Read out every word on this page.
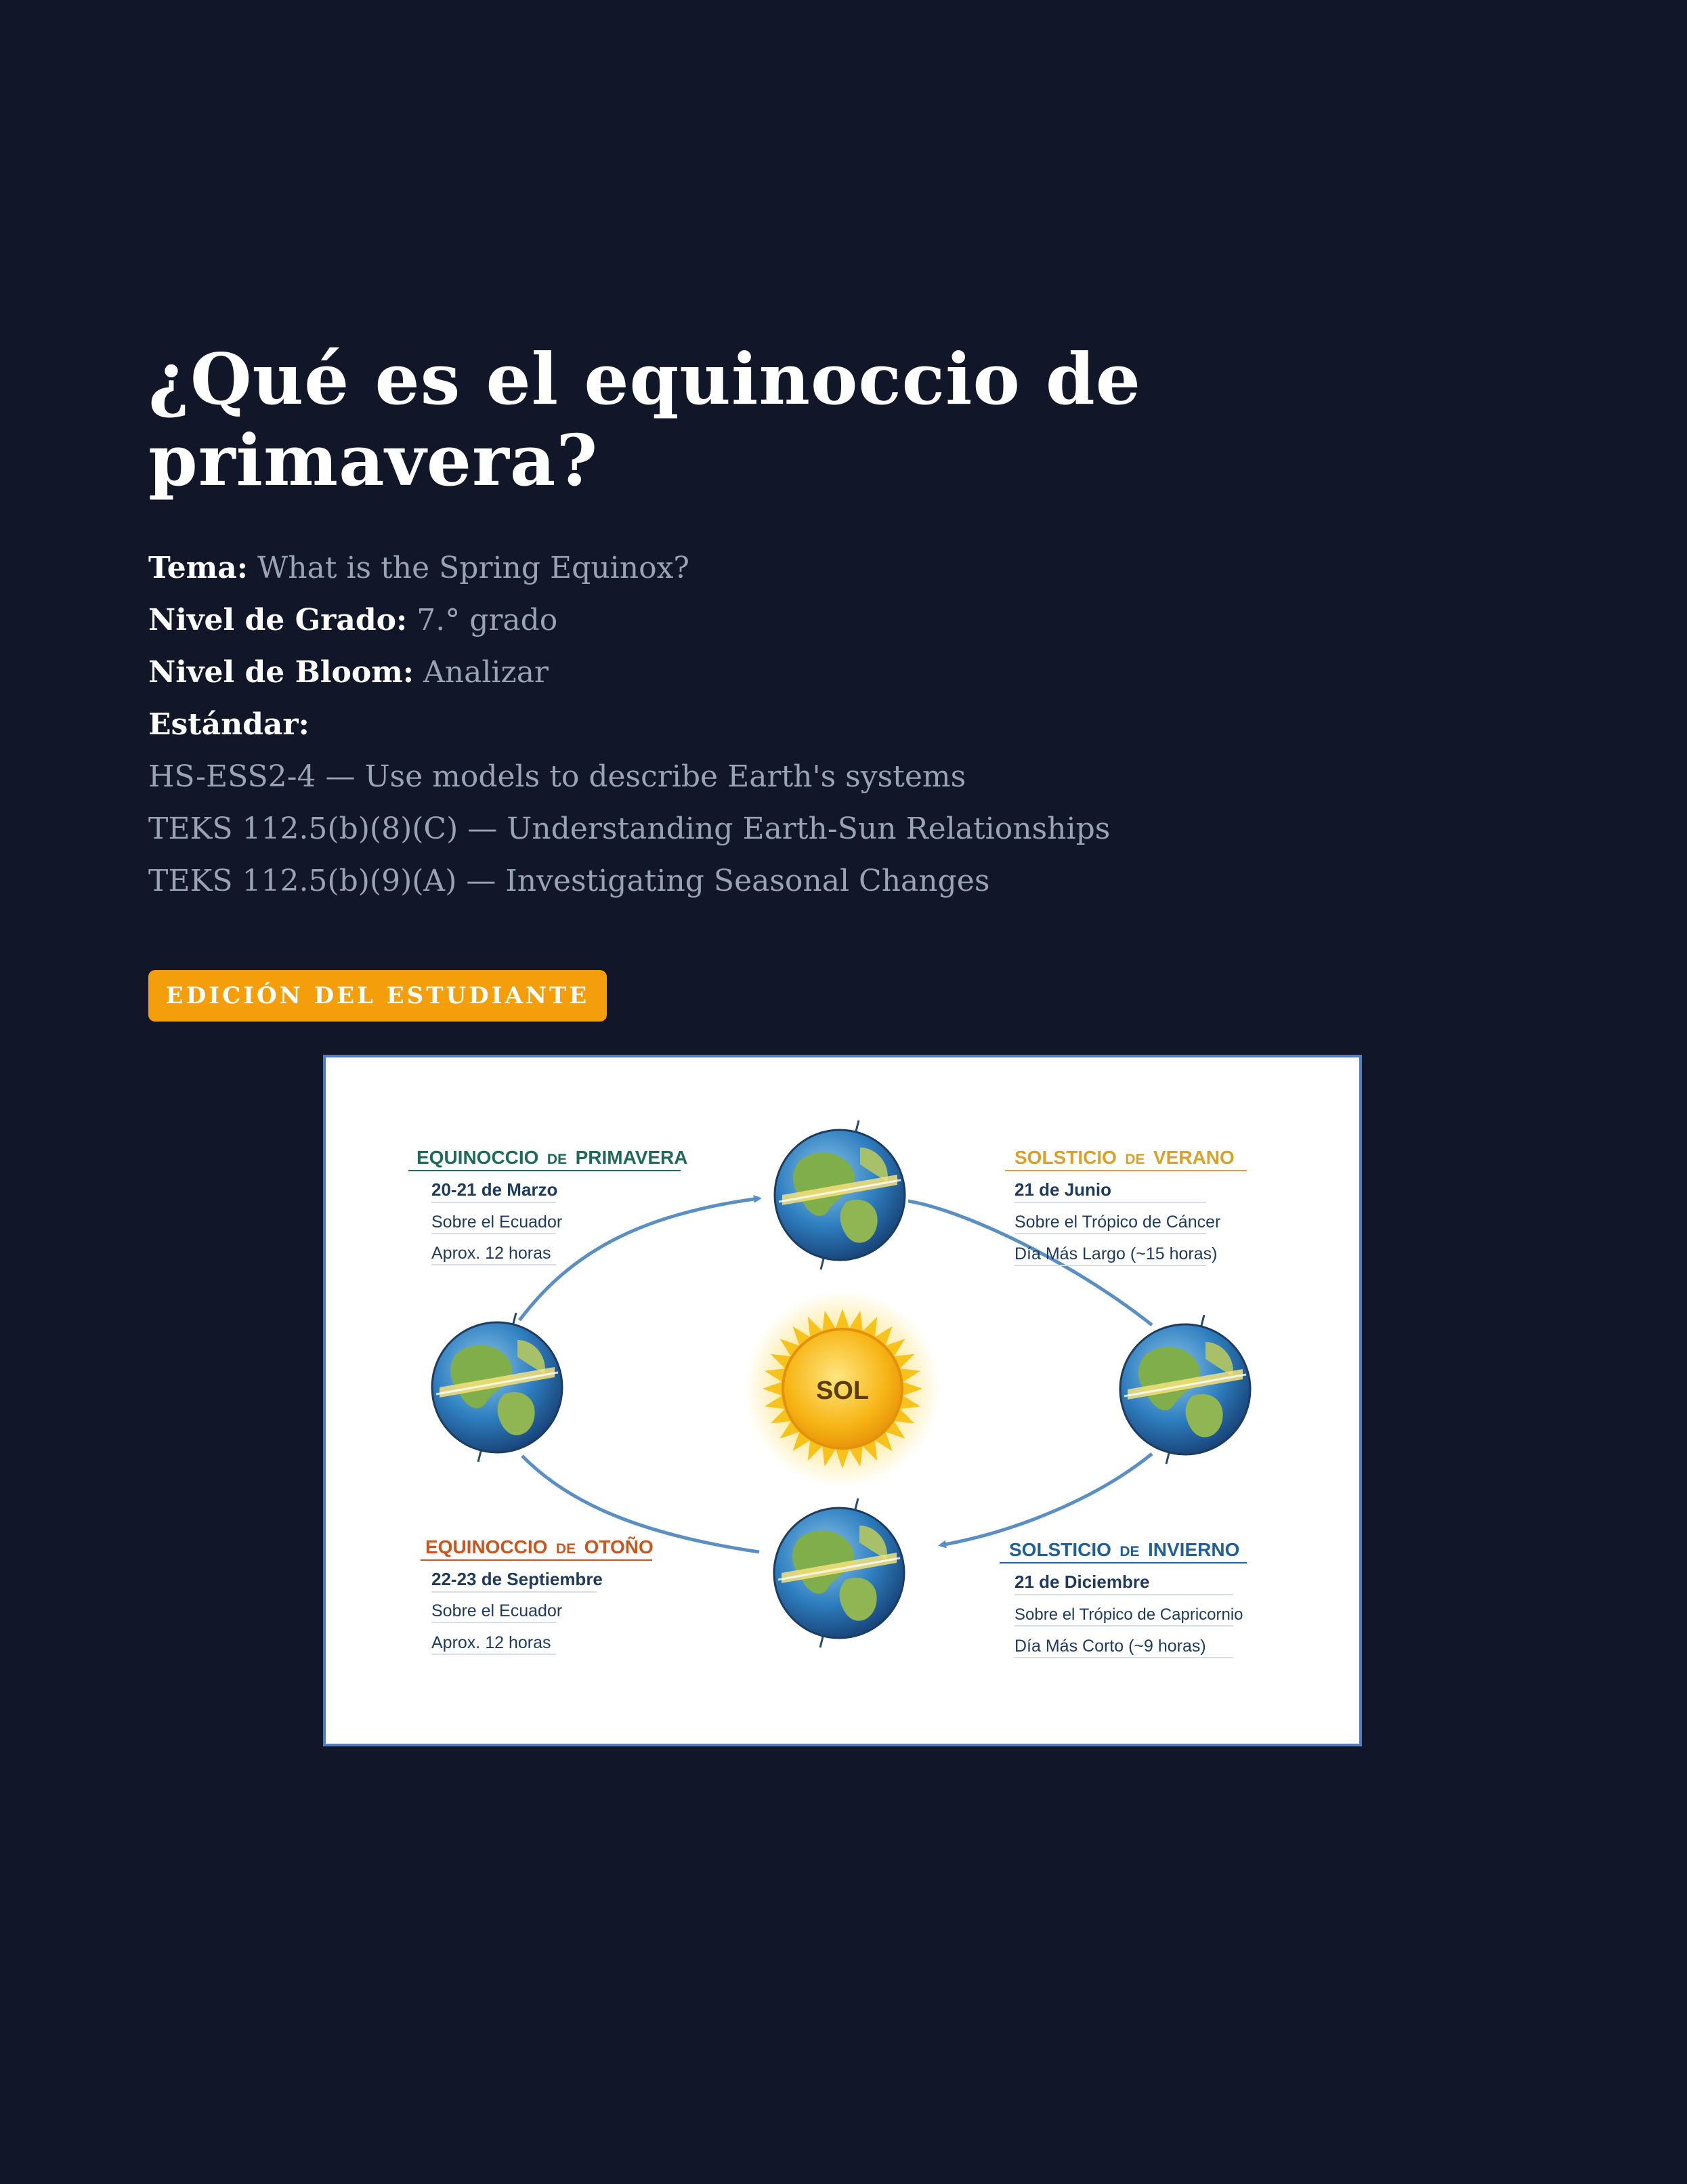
¿Qué es el equinoccio de primavera?
Tema: What is the Spring Equinox?
Nivel de Grado: 7.° grado
Nivel de Bloom: Analizar
Estándar:
HS-ESS2-4 — Use models to describe Earth's systems
TEKS 112.5(b)(8)(C) — Understanding Earth-Sun Relationships
TEKS 112.5(b)(9)(A) — Investigating Seasonal Changes
EDICIÓN DEL ESTUDIANTE
SOL
EQUINOCCIO DE PRIMAVERA
20-21 de Marzo
Sobre el Ecuador
Aprox. 12 horas
SOLSTICIO DE VERANO
21 de Junio
Sobre el Trópico de Cáncer
Día Más Largo (~15 horas)
EQUINOCCIO DE OTOÑO
22-23 de Septiembre
Sobre el Ecuador
Aprox. 12 horas
SOLSTICIO DE INVIERNO
21 de Diciembre
Sobre el Trópico de Capricornio
Día Más Corto (~9 horas)
